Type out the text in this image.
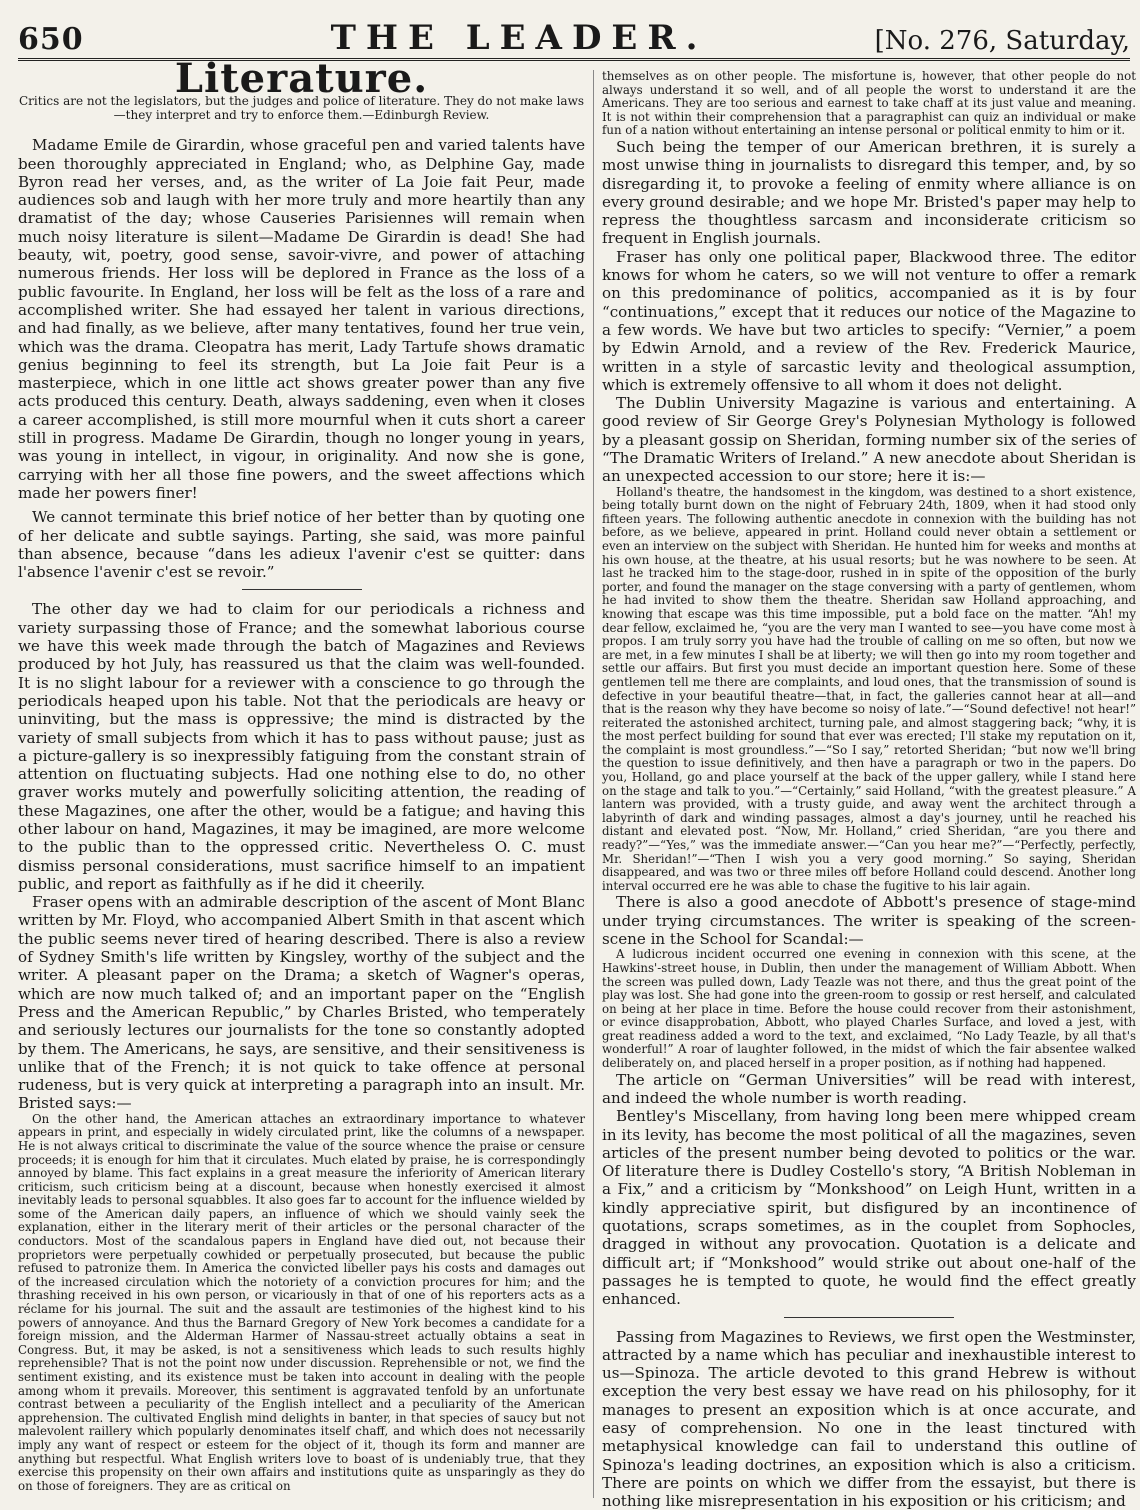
650	THE LEADER.	[No. 276, Saturday,

Literature.

Critics are not the legislators, but the judges and police of literature. They do not make laws—they interpret and try to enforce them.—Edinburgh Review.

Madame Emile de Girardin, whose graceful pen and varied talents have been thoroughly appreciated in England; who, as Delphine Gay, made Byron read her verses, and, as the writer of La Joie fait Peur, made audiences sob and laugh with her more truly and more heartily than any dramatist of the day; whose Causeries Parisiennes will remain when much noisy literature is silent—Madame De Girardin is dead! She had beauty, wit, poetry, good sense, savoir-vivre, and power of attaching numerous friends. Her loss will be deplored in France as the loss of a public favourite. In England, her loss will be felt as the loss of a rare and accomplished writer. She had essayed her talent in various directions, and had finally, as we believe, after many tentatives, found her true vein, which was the drama. Cleopatra has merit, Lady Tartufe shows dramatic genius beginning to feel its strength, but La Joie fait Peur is a masterpiece, which in one little act shows greater power than any five acts produced this century. Death, always saddening, even when it closes a career accomplished, is still more mournful when it cuts short a career still in progress. Madame De Girardin, though no longer young in years, was young in intellect, in vigour, in originality. And now she is gone, carrying with her all those fine powers, and the sweet affections which made her powers finer!

We cannot terminate this brief notice of her better than by quoting one of her delicate and subtle sayings. Parting, she said, was more painful than absence, because “dans les adieux l'avenir c'est se quitter: dans l'absence l'avenir c'est se revoir.”

The other day we had to claim for our periodicals a richness and variety surpassing those of France; and the somewhat laborious course we have this week made through the batch of Magazines and Reviews produced by hot July, has reassured us that the claim was well-founded. It is no slight labour for a reviewer with a conscience to go through the periodicals heaped upon his table. Not that the periodicals are heavy or uninviting, but the mass is oppressive; the mind is distracted by the variety of small subjects from which it has to pass without pause; just as a picture-gallery is so inexpressibly fatiguing from the constant strain of attention on fluctuating subjects. Had one nothing else to do, no other graver works mutely and powerfully soliciting attention, the reading of these Magazines, one after the other, would be a fatigue; and having this other labour on hand, Magazines, it may be imagined, are more welcome to the public than to the oppressed critic. Nevertheless O. C. must dismiss personal considerations, must sacrifice himself to an impatient public, and report as faithfully as if he did it cheerily.

Fraser opens with an admirable description of the ascent of Mont Blanc written by Mr. Floyd, who accompanied Albert Smith in that ascent which the public seems never tired of hearing described. There is also a review of Sydney Smith's life written by Kingsley, worthy of the subject and the writer. A pleasant paper on the Drama; a sketch of Wagner's operas, which are now much talked of; and an important paper on the “English Press and the American Republic,” by Charles Bristed, who temperately and seriously lectures our journalists for the tone so constantly adopted by them. The Americans, he says, are sensitive, and their sensitiveness is unlike that of the French; it is not quick to take offence at personal rudeness, but is very quick at interpreting a paragraph into an insult. Mr. Bristed says:—

On the other hand, the American attaches an extraordinary importance to whatever appears in print, and especially in widely circulated print, like the columns of a newspaper. He is not always critical to discriminate the value of the source whence the praise or censure proceeds; it is enough for him that it circulates. Much elated by praise, he is correspondingly annoyed by blame. This fact explains in a great measure the inferiority of American literary criticism, such criticism being at a discount, because when honestly exercised it almost inevitably leads to personal squabbles. It also goes far to account for the influence wielded by some of the American daily papers, an influence of which we should vainly seek the explanation, either in the literary merit of their articles or the personal character of the conductors. Most of the scandalous papers in England have died out, not because their proprietors were perpetually cowhided or perpetually prosecuted, but because the public refused to patronize them. In America the convicted libeller pays his costs and damages out of the increased circulation which the notoriety of a conviction procures for him; and the thrashing received in his own person, or vicariously in that of one of his reporters acts as a réclame for his journal. The suit and the assault are testimonies of the highest kind to his powers of annoyance. And thus the Barnard Gregory of New York becomes a candidate for a foreign mission, and the Alderman Harmer of Nassau-street actually obtains a seat in Congress. But, it may be asked, is not a sensitiveness which leads to such results highly reprehensible? That is not the point now under discussion. Reprehensible or not, we find the sentiment existing, and its existence must be taken into account in dealing with the people among whom it prevails. Moreover, this sentiment is aggravated tenfold by an unfortunate contrast between a peculiarity of the English intellect and a peculiarity of the American apprehension. The cultivated English mind delights in banter, in that species of saucy but not malevolent raillery which popularly denominates itself chaff, and which does not necessarily imply any want of respect or esteem for the object of it, though its form and manner are anything but respectful. What English writers love to boast of is undeniably true, that they exercise this propensity on their own affairs and institutions quite as unsparingly as they do on those of foreigners. They are as critical on

themselves as on other people. The misfortune is, however, that other people do not always understand it so well, and of all people the worst to understand it are the Americans. They are too serious and earnest to take chaff at its just value and meaning. It is not within their comprehension that a paragraphist can quiz an individual or make fun of a nation without entertaining an intense personal or political enmity to him or it.

Such being the temper of our American brethren, it is surely a most unwise thing in journalists to disregard this temper, and, by so disregarding it, to provoke a feeling of enmity where alliance is on every ground desirable; and we hope Mr. Bristed's paper may help to repress the thoughtless sarcasm and inconsiderate criticism so frequent in English journals.

Fraser has only one political paper, Blackwood three. The editor knows for whom he caters, so we will not venture to offer a remark on this predominance of politics, accompanied as it is by four “continuations,” except that it reduces our notice of the Magazine to a few words. We have but two articles to specify: “Vernier,” a poem by Edwin Arnold, and a review of the Rev. Frederick Maurice, written in a style of sarcastic levity and theological assumption, which is extremely offensive to all whom it does not delight.

The Dublin University Magazine is various and entertaining. A good review of Sir George Grey's Polynesian Mythology is followed by a pleasant gossip on Sheridan, forming number six of the series of “The Dramatic Writers of Ireland.” A new anecdote about Sheridan is an unexpected accession to our store; here it is:—

Holland's theatre, the handsomest in the kingdom, was destined to a short existence, being totally burnt down on the night of February 24th, 1809, when it had stood only fifteen years. The following authentic anecdote in connexion with the building has not before, as we believe, appeared in print. Holland could never obtain a settlement or even an interview on the subject with Sheridan. He hunted him for weeks and months at his own house, at the theatre, at his usual resorts; but he was nowhere to be seen. At last he tracked him to the stage-door, rushed in in spite of the opposition of the burly porter, and found the manager on the stage conversing with a party of gentlemen, whom he had invited to show them the theatre. Sheridan saw Holland approaching, and knowing that escape was this time impossible, put a bold face on the matter. “Ah! my dear fellow, exclaimed he, “you are the very man I wanted to see—you have come most à propos. I am truly sorry you have had the trouble of calling on me so often, but now we are met, in a few minutes I shall be at liberty; we will then go into my room together and settle our affairs. But first you must decide an important question here. Some of these gentlemen tell me there are complaints, and loud ones, that the transmission of sound is defective in your beautiful theatre—that, in fact, the galleries cannot hear at all—and that is the reason why they have become so noisy of late.”—“Sound defective! not hear!” reiterated the astonished architect, turning pale, and almost staggering back; “why, it is the most perfect building for sound that ever was erected; I'll stake my reputation on it, the complaint is most groundless.”—“So I say,” retorted Sheridan; “but now we'll bring the question to issue definitively, and then have a paragraph or two in the papers. Do you, Holland, go and place yourself at the back of the upper gallery, while I stand here on the stage and talk to you.”—“Certainly,” said Holland, “with the greatest pleasure.” A lantern was provided, with a trusty guide, and away went the architect through a labyrinth of dark and winding passages, almost a day's journey, until he reached his distant and elevated post. “Now, Mr. Holland,” cried Sheridan, “are you there and ready?”—“Yes,” was the immediate answer.—“Can you hear me?”—“Perfectly, perfectly, Mr. Sheridan!”—“Then I wish you a very good morning.” So saying, Sheridan disappeared, and was two or three miles off before Holland could descend. Another long interval occurred ere he was able to chase the fugitive to his lair again.

There is also a good anecdote of Abbott's presence of stage-mind under trying circumstances. The writer is speaking of the screen-scene in the School for Scandal:—

A ludicrous incident occurred one evening in connexion with this scene, at the Hawkins'-street house, in Dublin, then under the management of William Abbott. When the screen was pulled down, Lady Teazle was not there, and thus the great point of the play was lost. She had gone into the green-room to gossip or rest herself, and calculated on being at her place in time. Before the house could recover from their astonishment, or evince disapprobation, Abbott, who played Charles Surface, and loved a jest, with great readiness added a word to the text, and exclaimed, “No Lady Teazle, by all that's wonderful!” A roar of laughter followed, in the midst of which the fair absentee walked deliberately on, and placed herself in a proper position, as if nothing had happened.

The article on “German Universities” will be read with interest, and indeed the whole number is worth reading.

Bentley's Miscellany, from having long been mere whipped cream in its levity, has become the most political of all the magazines, seven articles of the present number being devoted to politics or the war. Of literature there is Dudley Costello's story, “A British Nobleman in a Fix,” and a criticism by “Monkshood” on Leigh Hunt, written in a kindly appreciative spirit, but disfigured by an incontinence of quotations, scraps sometimes, as in the couplet from Sophocles, dragged in without any provocation. Quotation is a delicate and difficult art; if “Monkshood” would strike out about one-half of the passages he is tempted to quote, he would find the effect greatly enhanced.

Passing from Magazines to Reviews, we first open the Westminster, attracted by a name which has peculiar and inexhaustible interest to us—Spinoza. The article devoted to this grand Hebrew is without exception the very best essay we have read on his philosophy, for it manages to present an exposition which is at once accurate, and easy of comprehension. No one in the least tinctured with metaphysical knowledge can fail to understand this outline of Spinoza's leading doctrines, an exposition which is also a criticism. There are points on which we differ from the essayist, but there is nothing like misrepresentation in his exposition or his criticism; and
